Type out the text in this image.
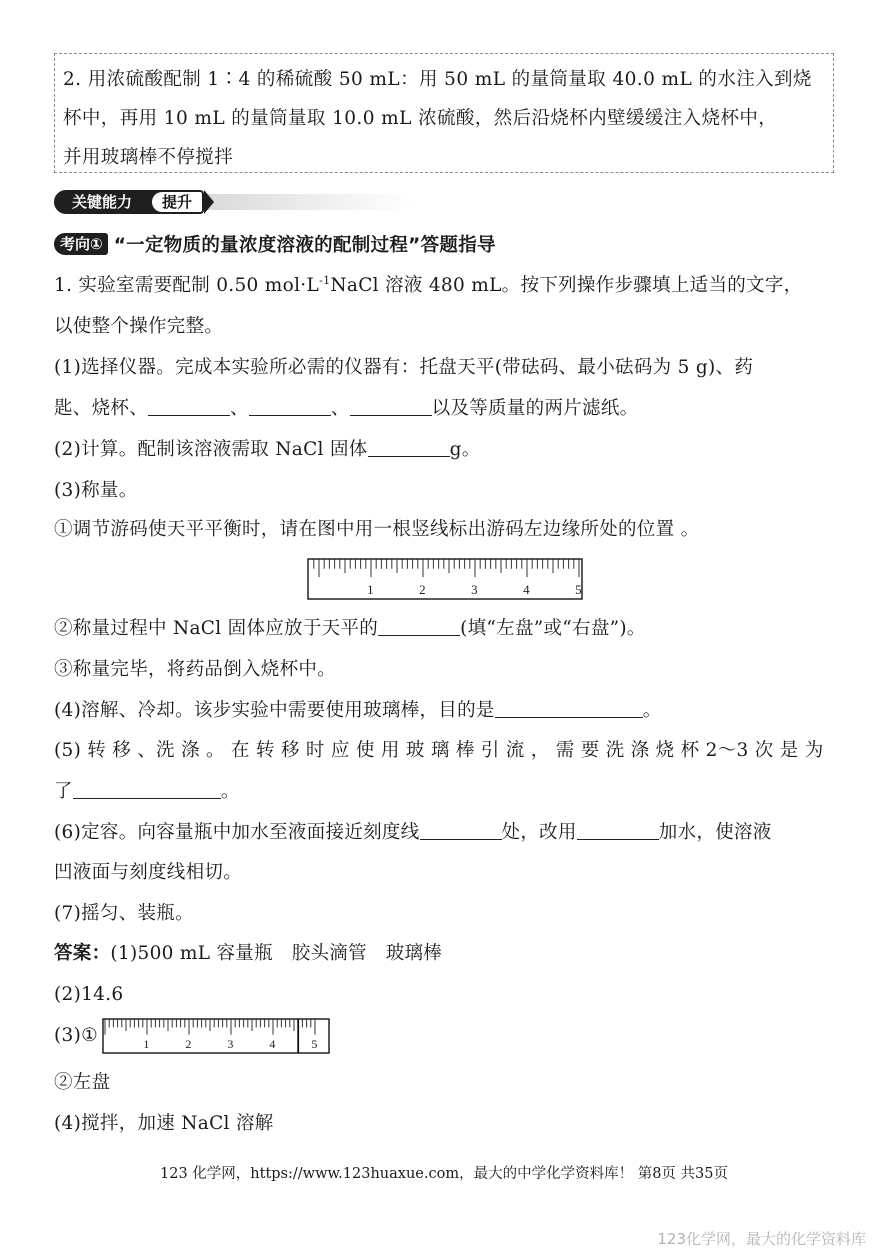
2. 用浓硫酸配制 1∶4 的稀硫酸 50 mL：用 50 mL 的量筒量取 40.0 mL 的水注入到烧

杯中，再用 10 mL 的量筒量取 10.0 mL 浓硫酸，然后沿烧杯内壁缓缓注入烧杯中，

并用玻璃棒不停搅拌

关键能力	提升
考向① “一定物质的量浓度溶液的配制过程”答题指导
1. 实验室需要配制 0.50 $mol\cdot L^{-1}NaCl$ 溶液 480 mL。按下列操作步骤填上适当的文字，
以使整个操作完整。
(1)选择仪器。完成本实验所必需的仪器有：托盘天平(带砝码、最小砝码为 5 g)、药
匙、烧杯、	、	、	以及等质量的两片滤纸。
(2)计算。配制该溶液需取 NaCl 固体	g。
(3)称量。
①调节游码使天平平衡时，请在图中用一根竖线标出游码左边缘所处的位置 。
1	2	3	4	5
②称量过程中 NaCl 固体应放于天平的	(填“左盘”或“右盘”)。
③称量完毕，将药品倒入烧杯中。
(4)溶解、冷却。该步实验中需要使用玻璃棒，目的是	。
(5) 转 移 、洗 涤 。 在 转 移 时 应 使 用 玻 璃 棒 引 流 ， 需 要 洗 涤 烧 杯 2～3 次 是 为
了	。
(6)定容。向容量瓶中加水至液面接近刻度线	处，改用	加水，使溶液
凹液面与刻度线相切。
(7)摇匀、装瓶。
答案：(1)500 mL 容量瓶　胶头滴管　玻璃棒
(2)14.6
(3)①	1	2	3	4	5
②左盘
(4)搅拌，加速 NaCl 溶解
123 化学网，https://www.123huaxue.com，最大的中学化学资料库！ 第8页 共35页
123化学网，最大的化学资料库
